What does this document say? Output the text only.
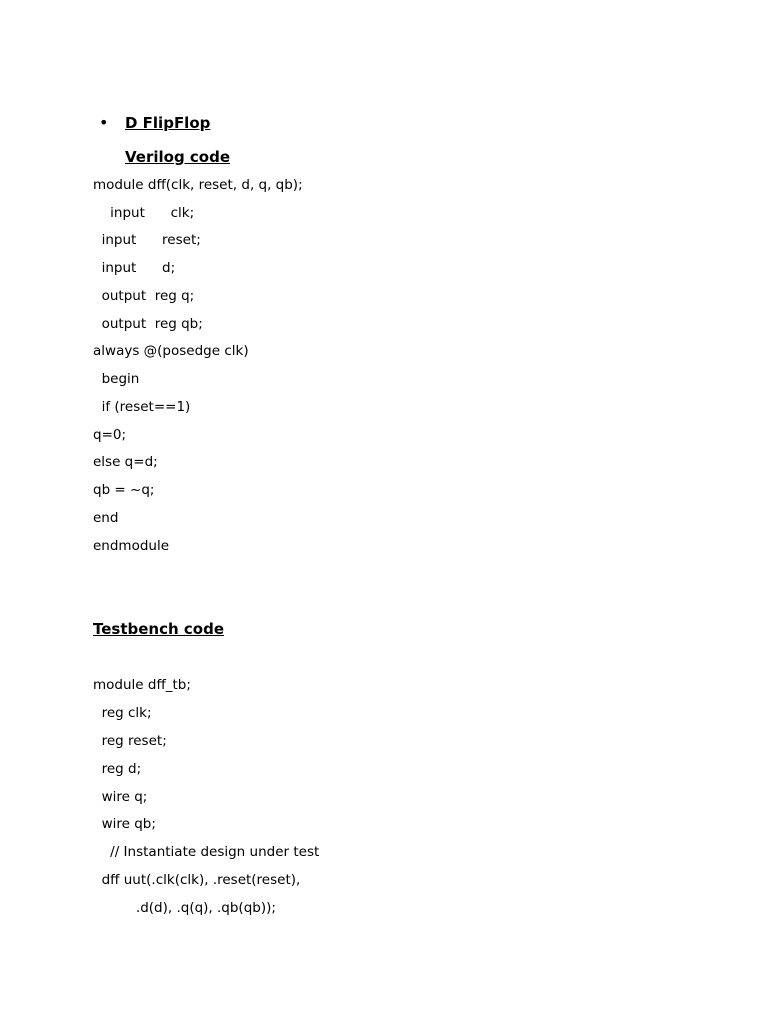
• D FlipFlop
Verilog code
module dff(clk, reset, d, q, qb);
input      clk;
input      reset;
input      d;
output  reg q;
output  reg qb;
always @(posedge clk)
begin
if (reset==1)
q=0;
else q=d;
qb = ~q;
end
endmodule
Testbench code
module dff_tb;
reg clk;
reg reset;
reg d;
wire q;
wire qb;
// Instantiate design under test
dff uut(.clk(clk), .reset(reset),
.d(d), .q(q), .qb(qb));
